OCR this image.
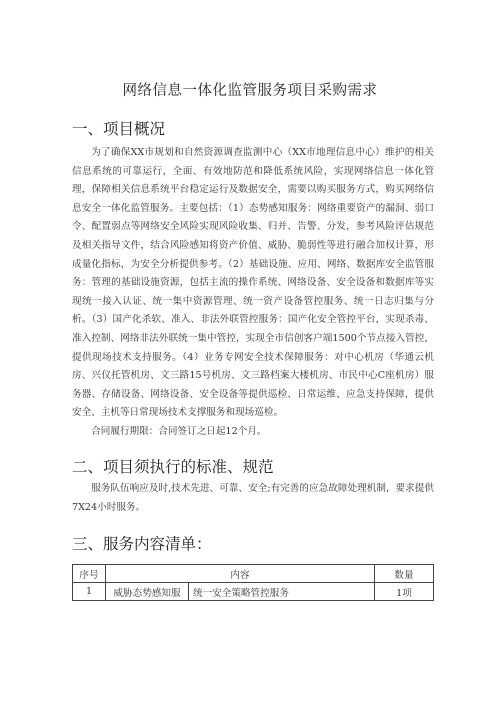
网络信息一体化监管服务项目采购需求
一、项目概况

为了确保XX市规划和自然资源调查监测中心（XX市地理信息中心）维护的相关信息系统的可靠运行，全面、有效地防范和降低系统风险，实现网络信息一体化管理，保障相关信息系统平台稳定运行及数据安全，需要以购买服务方式，购买网络信息安全一体化监管服务。主要包括：（1）态势感知服务：网络重要资产的漏洞、弱口令、配置弱点等网络安全风险实现风险收集、归并、告警、分发，参考风险评估规范及相关指导文件，结合风险感知将资产价值、威胁、脆弱性等进行融合加权计算，形成量化指标，为安全分析提供参考。（2）基础设施、应用、网络、数据库安全监管服务：管理的基础设施资源，包括主流的操作系统、网络设备、安全设备和数据库等实现统一接入认证、统一集中资源管理、统一资产设备管控服务、统一日志归集与分析。（3）国产化杀软、准入、非法外联管控服务：国产化安全管控平台，实现杀毒、准入控制、网络非法外联统一集中管控，实现全市信创客户端1500个节点接入管控，提供现场技术支持服务。（4）业务专网安全技术保障服务：对中心机房（华通云机房、兴仪托管机房、文三路15号机房、文三路档案大楼机房、市民中心C座机房）服务器、存储设备、网络设备、安全设备等提供巡检、日常运维、应急支持保障，提供安全、主机等日常现场技术支撑服务和现场巡检。

合同履行期限：合同签订之日起12个月。

二、项目须执行的标准、规范

服务队伍响应及时,技术先进、可靠、安全;有完善的应急故障处理机制，要求提供7X24小时服务。

三、服务内容清单：
序号	内容		数量
1	威胁态势感知服	统一安全策略管控服务	1项
